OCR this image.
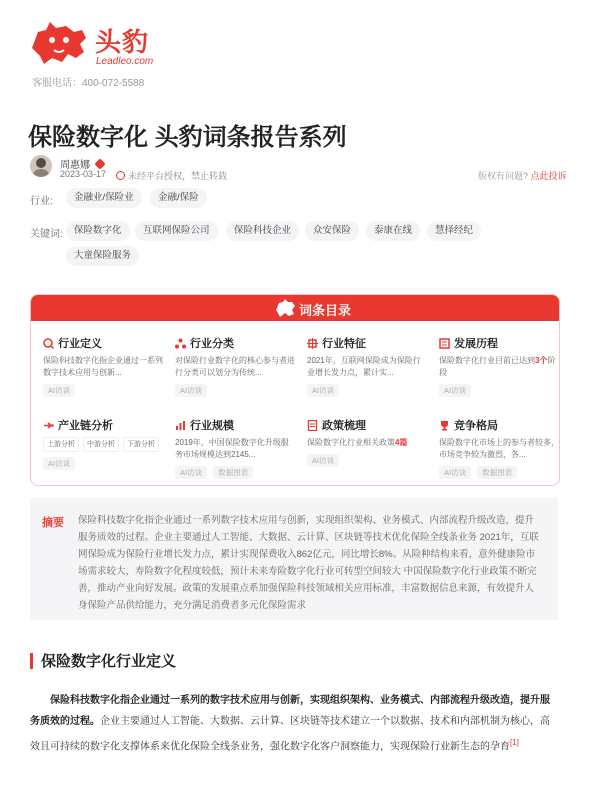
头豹
Leadleo.com
客服电话：400-072-5588
保险数字化 头豹词条报告系列
周惠娜
2023-03-17	未经平台授权，禁止转载	版权有问题? 点此投诉
行业:	金融业/保险业	金融/保险
关键词:	保险数字化	互联网保险公司	保险科技企业	众安保险	泰康在线	慧择经纪
大童保险服务
词条目录
行业定义
保险科技数字化指企业通过一系列数字技术应用与创新...
AI访谈
行业分类
对保险行业数字化的核心参与者进行分类可以划分为传统...
AI访谈
行业特征
2021年，互联网保险成为保险行业增长发力点，累计实...
AI访谈
发展历程
保险数字化行业目前已达到3个阶段
AI访谈
产业链分析
上游分析 中游分析 下游分析
AI访谈
行业规模
2019年，中国保险数字化升级服务市场规模达到2145...
AI访谈	数据图表
政策梳理
保险数字化行业相关政策4篇
AI访谈
竞争格局
保险数字化市场上的参与者较多，市场竞争较为激烈，各...
AI访谈	数据图表
摘要 保险科技数字化指企业通过一系列数字技术应用与创新，实现组织架构、业务模式、内部流程升级改造，提升服务质效的过程。企业主要通过人工智能、大数据、云计算、区块链等技术优化保险全线条业务 2021年，互联网保险成为保险行业增长发力点，累计实现保费收入862亿元，同比增长8%。从险种结构来看，意外健康险市场需求较大，寿险数字化程度较低，预计未来寿险数字化行业可转型空间较大 中国保险数字化行业政策不断完善，推动产业向好发展。政策的发展重点系加强保险科技领域相关应用标准，丰富数据信息来源，有效提升人身保险产品供给能力，充分满足消费者多元化保险需求
保险数字化行业定义
保险科技数字化指企业通过一系列的数字技术应用与创新，实现组织架构、业务模式、内部流程升级改造，提升服务质效的过程。企业主要通过人工智能、大数据、云计算、区块链等技术建立一个以数据、技术和内部机制为核心，高效且可持续的数字化支撑体系来优化保险全线条业务，强化数字化客户洞察能力，实现保险行业新生态的孕育[1]
